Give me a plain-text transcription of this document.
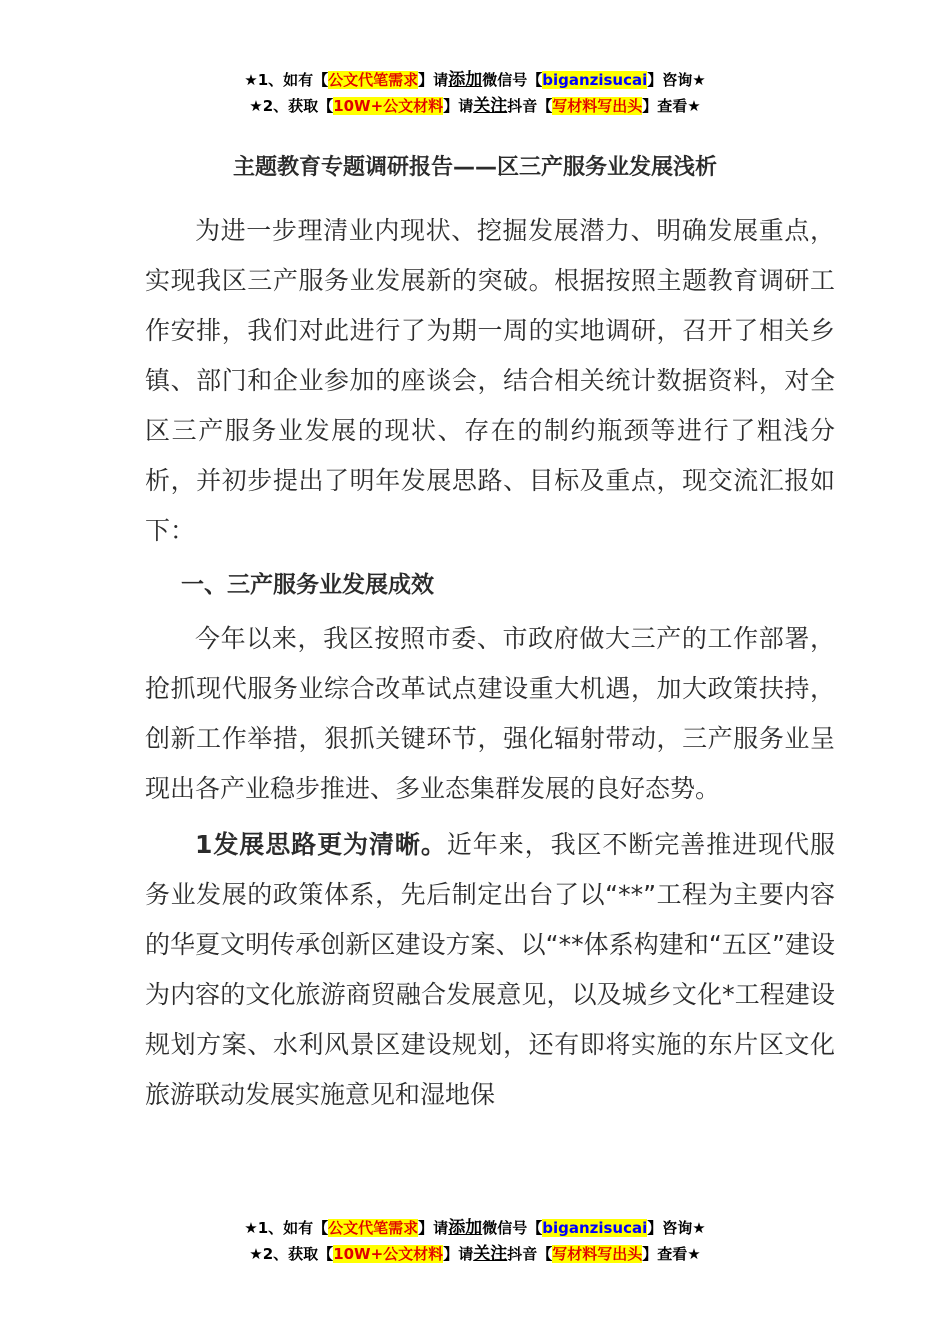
★1、如有【公文代笔需求】请添加微信号【biganzisucai】咨询★
★2、获取【10W+公文材料】请关注抖音【写材料写出头】查看★
主题教育专题调研报告——区三产服务业发展浅析

为进一步理清业内现状、挖掘发展潜力、明确发展重点，实现我区三产服务业发展新的突破。根据按照主题教育调研工作安排，我们对此进行了为期一周的实地调研，召开了相关乡镇、部门和企业参加的座谈会，结合相关统计数据资料，对全区三产服务业发展的现状、存在的制约瓶颈等进行了粗浅分析，并初步提出了明年发展思路、目标及重点，现交流汇报如下：

一、三产服务业发展成效

今年以来，我区按照市委、市政府做大三产的工作部署，抢抓现代服务业综合改革试点建设重大机遇，加大政策扶持，创新工作举措，狠抓关键环节，强化辐射带动，三产服务业呈现出各产业稳步推进、多业态集群发展的良好态势。

1发展思路更为清晰。近年来，我区不断完善推进现代服务业发展的政策体系，先后制定出台了以“**”工程为主要内容的华夏文明传承创新区建设方案、以“**体系构建和“五区”建设为内容的文化旅游商贸融合发展意见，以及城乡文化*工程建设规划方案、水利风景区建设规划，还有即将实施的东片区文化旅游联动发展实施意见和湿地保

★1、如有【公文代笔需求】请添加微信号【biganzisucai】咨询★
★2、获取【10W+公文材料】请关注抖音【写材料写出头】查看★
